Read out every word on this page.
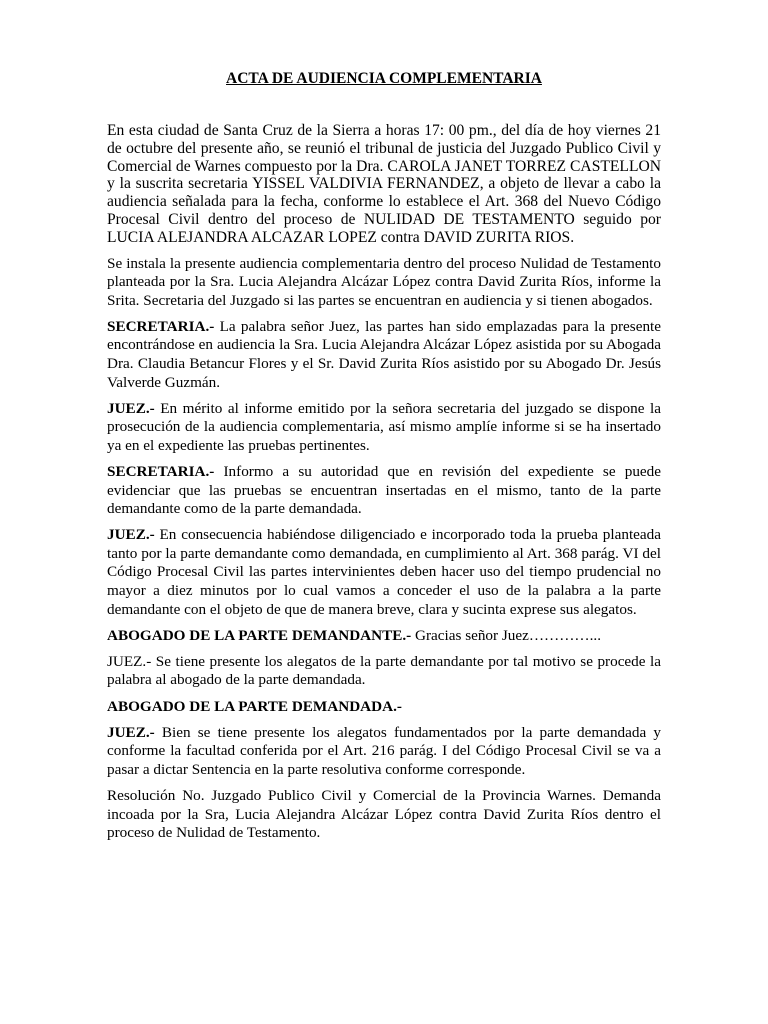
ACTA DE AUDIENCIA COMPLEMENTARIA

En esta ciudad de Santa Cruz de la Sierra a horas 17: 00 pm., del día de hoy viernes 21 de octubre del presente año, se reunió el tribunal de justicia del Juzgado Publico Civil y Comercial de Warnes compuesto por la Dra. CAROLA JANET TORREZ CASTELLON y la suscrita secretaria YISSEL VALDIVIA FERNANDEZ, a objeto de llevar a cabo la audiencia señalada para la fecha, conforme lo establece el Art. 368 del Nuevo Código Procesal Civil dentro del proceso de NULIDAD DE TESTAMENTO seguido por LUCIA ALEJANDRA ALCAZAR LOPEZ contra DAVID ZURITA RIOS.

Se instala la presente audiencia complementaria dentro del proceso Nulidad de Testamento planteada por la Sra. Lucia Alejandra Alcázar López contra David Zurita Ríos, informe la Srita. Secretaria del Juzgado si las partes se encuentran en audiencia y si tienen abogados.

SECRETARIA.- La palabra señor Juez, las partes han sido emplazadas para la presente encontrándose en audiencia la Sra. Lucia Alejandra Alcázar López asistida por su Abogada Dra. Claudia Betancur Flores y el Sr. David Zurita Ríos asistido por su Abogado Dr. Jesús Valverde Guzmán.

JUEZ.- En mérito al informe emitido por la señora secretaria del juzgado se dispone la prosecución de la audiencia complementaria, así mismo amplíe informe si se ha insertado ya en el expediente las pruebas pertinentes.

SECRETARIA.- Informo a su autoridad que en revisión del expediente se puede evidenciar que las pruebas se encuentran insertadas en el mismo, tanto de la parte demandante como de la parte demandada.

JUEZ.- En consecuencia habiéndose diligenciado e incorporado toda la prueba planteada tanto por la parte demandante como demandada, en cumplimiento al Art. 368 parág. VI del Código Procesal Civil las partes intervinientes deben hacer uso del tiempo prudencial no mayor a diez minutos por lo cual vamos a conceder el uso de la palabra a la parte demandante con el objeto de que de manera breve, clara y sucinta exprese sus alegatos.

ABOGADO DE LA PARTE DEMANDANTE.- Gracias señor Juez…………...

JUEZ.- Se tiene presente los alegatos de la parte demandante por tal motivo se procede la palabra al abogado de la parte demandada.

ABOGADO DE LA PARTE DEMANDADA.-

JUEZ.- Bien se tiene presente los alegatos fundamentados por la parte demandada y conforme la facultad conferida por el Art. 216 parág. I del Código Procesal Civil se va a pasar a dictar Sentencia en la parte resolutiva conforme corresponde.

Resolución No. Juzgado Publico Civil y Comercial de la Provincia Warnes. Demanda incoada por la Sra, Lucia Alejandra Alcázar López contra David Zurita Ríos dentro el proceso de Nulidad de Testamento.
